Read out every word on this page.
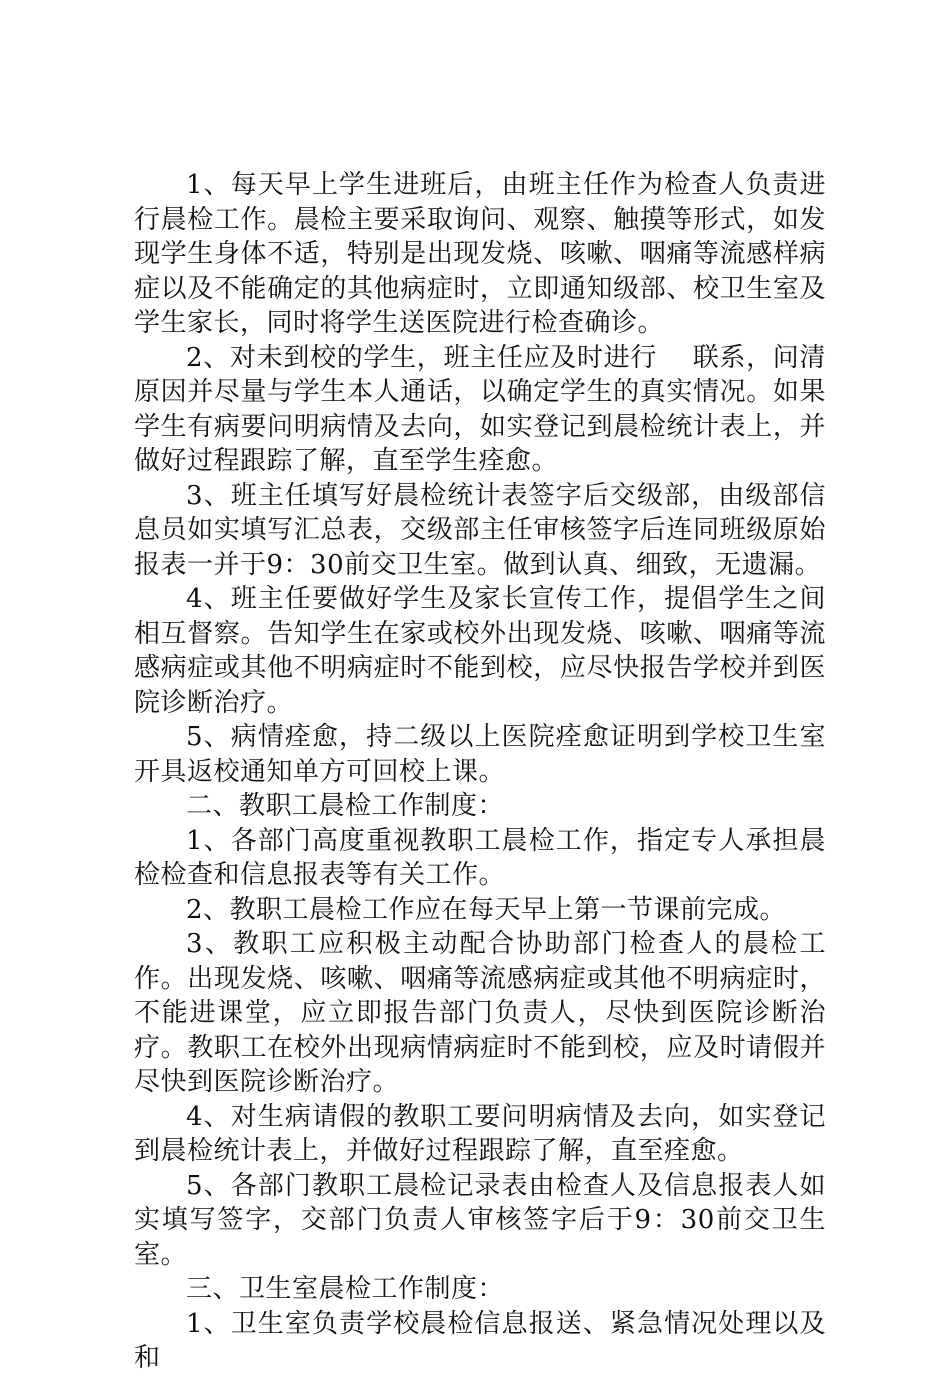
1、每天早上学生进班后，由班主任作为检查人负责进行晨检工作。晨检主要采取询问、观察、触摸等形式，如发现学生身体不适，特别是出现发烧、咳嗽、咽痛等流感样病症以及不能确定的其他病症时，立即通知级部、校卫生室及学生家长，同时将学生送医院进行检查确诊。

2、对未到校的学生，班主任应及时进行　 联系，问清原因并尽量与学生本人通话，以确定学生的真实情况。如果学生有病要问明病情及去向，如实登记到晨检统计表上，并做好过程跟踪了解，直至学生痊愈。

3、班主任填写好晨检统计表签字后交级部，由级部信息员如实填写汇总表，交级部主任审核签字后连同班级原始报表一并于9：30前交卫生室。做到认真、细致，无遗漏。

4、班主任要做好学生及家长宣传工作，提倡学生之间相互督察。告知学生在家或校外出现发烧、咳嗽、咽痛等流感病症或其他不明病症时不能到校，应尽快报告学校并到医院诊断治疗。

5、病情痊愈，持二级以上医院痊愈证明到学校卫生室开具返校通知单方可回校上课。

二、教职工晨检工作制度：

1、各部门高度重视教职工晨检工作，指定专人承担晨检检查和信息报表等有关工作。

2、教职工晨检工作应在每天早上第一节课前完成。

3、教职工应积极主动配合协助部门检查人的晨检工作。出现发烧、咳嗽、咽痛等流感病症或其他不明病症时，不能进课堂，应立即报告部门负责人，尽快到医院诊断治疗。教职工在校外出现病情病症时不能到校，应及时请假并尽快到医院诊断治疗。

4、对生病请假的教职工要问明病情及去向，如实登记到晨检统计表上，并做好过程跟踪了解，直至痊愈。

5、各部门教职工晨检记录表由检查人及信息报表人如实填写签字，交部门负责人审核签字后于9：30前交卫生室。

三、卫生室晨检工作制度：

1、卫生室负责学校晨检信息报送、紧急情况处理以及和
